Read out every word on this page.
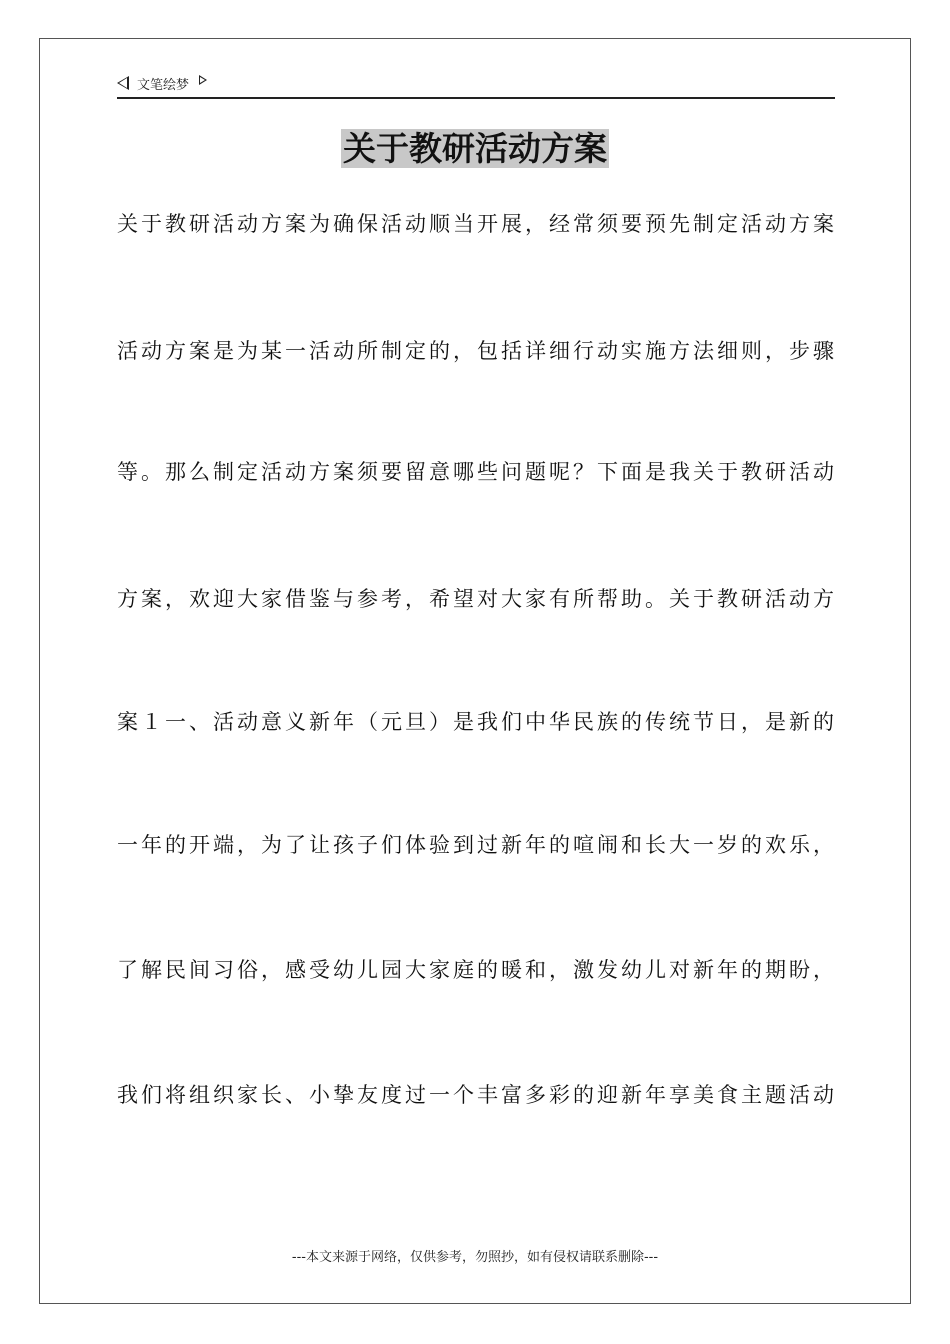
文笔绘梦
关于教研活动方案
关于教研活动方案为确保活动顺当开展，经常须要预先制定活动方案
活动方案是为某一活动所制定的，包括详细行动实施方法细则，步骤
等。那么制定活动方案须要留意哪些问题呢？下面是我关于教研活动
方案，欢迎大家借鉴与参考，希望对大家有所帮助。关于教研活动方
案１一、活动意义新年（元旦）是我们中华民族的传统节日，是新的
一年的开端，为了让孩子们体验到过新年的喧闹和长大一岁的欢乐，
了解民间习俗，感受幼儿园大家庭的暖和，激发幼儿对新年的期盼，
我们将组织家长、小挚友度过一个丰富多彩的迎新年享美食主题活动
---本文来源于网络，仅供参考，勿照抄，如有侵权请联系删除---
